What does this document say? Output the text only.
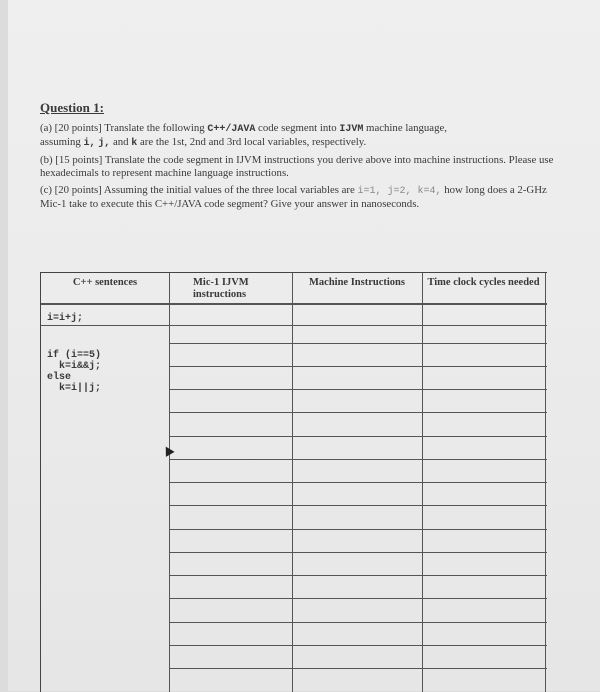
Question 1:

(a) [20 points] Translate the following C++/JAVA code segment into IJVM machine language,
assuming i, j, and k are the 1st, 2nd and 3rd local variables, respectively.

(b) [15 points] Translate the code segment in IJVM instructions you derive above into machine instructions. Please use hexadecimals to represent machine language instructions.

(c) [20 points] Assuming the initial values of the three local variables are i=1, j=2, k=4, how long does a 2-GHz Mic-1 take to execute this C++/JAVA code segment? Give your answer in nanoseconds.

C++ sentences	Mic-1 IJVM instructions
Machine Instructions	Time clock cycles needed
i=i+j;
if (i==5)
k=i&&j;
else
k=i||j;
